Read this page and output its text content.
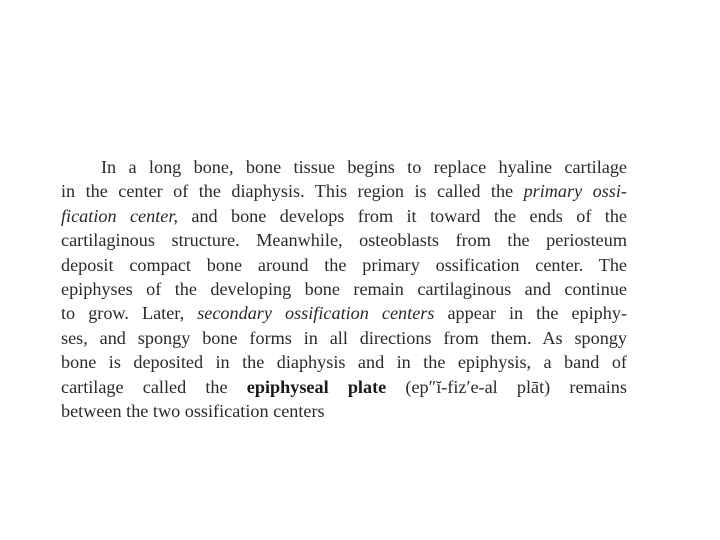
In a long bone, bone tissue begins to replace hyaline cartilage
in the center of the diaphysis. This region is called the primary ossi-
fication center, and bone develops from it toward the ends of the
cartilaginous structure. Meanwhile, osteoblasts from the periosteum
deposit compact bone around the primary ossification center. The
epiphyses of the developing bone remain cartilaginous and continue
to grow. Later, secondary ossification centers appear in the epiphy-
ses, and spongy bone forms in all directions from them. As spongy
bone is deposited in the diaphysis and in the epiphysis, a band of
cartilage called the epiphyseal plate (ep″ĭ-fiz′e-al plāt) remains
between the two ossification centers
